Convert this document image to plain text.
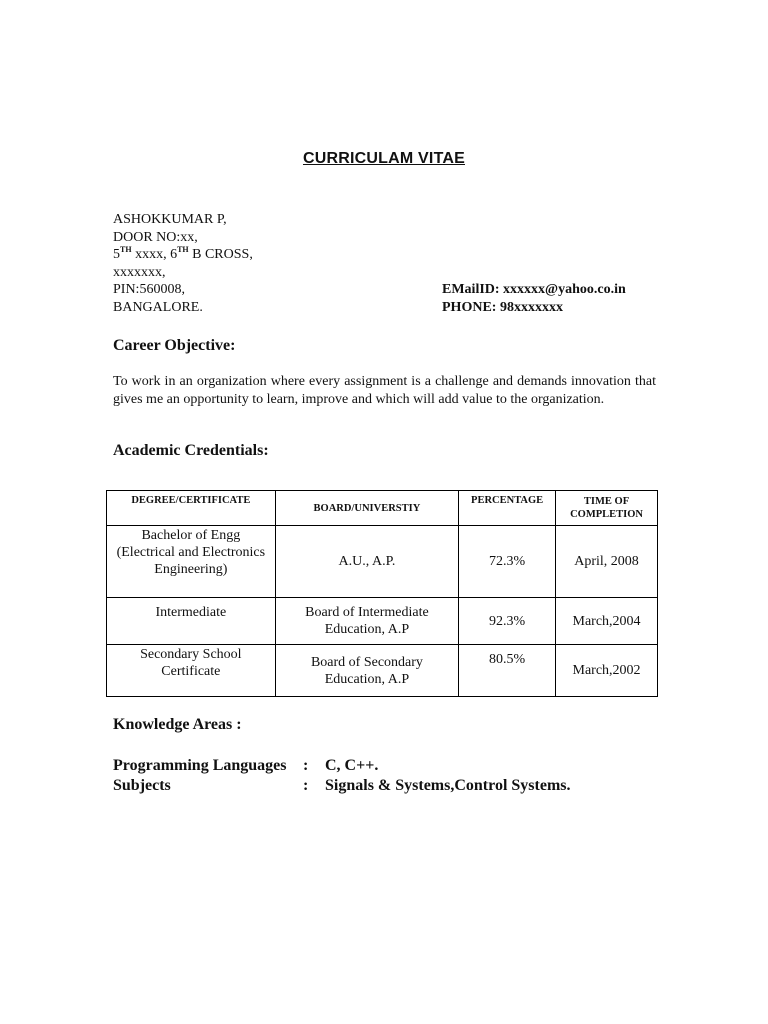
CURRICULAM VITAE
ASHOKKUMAR P,
DOOR NO:xx,
5TH xxxx, 6TH B CROSS,
xxxxxxx,
PIN:560008,
BANGALORE.
EMailID: xxxxxx@yahoo.co.in
PHONE: 98xxxxxxx
Career Objective:
To work in an organization where every assignment is a challenge and demands innovation that gives me an opportunity to learn, improve and which will add value to the organization.
Academic Credentials:
DEGREE/CERTIFICATE	BOARD/UNIVERSTIY	PERCENTAGE	TIME OF COMPLETION
Bachelor of Engg (Electrical and Electronics Engineering)	A.U., A.P.	72.3%	April, 2008
Intermediate	Board of Intermediate Education, A.P	92.3%	March,2004
Secondary School Certificate	Board of Secondary Education, A.P	80.5%	March,2002
Knowledge Areas :
Programming Languages : C, C++.
Subjects	: Signals & Systems,Control Systems.
